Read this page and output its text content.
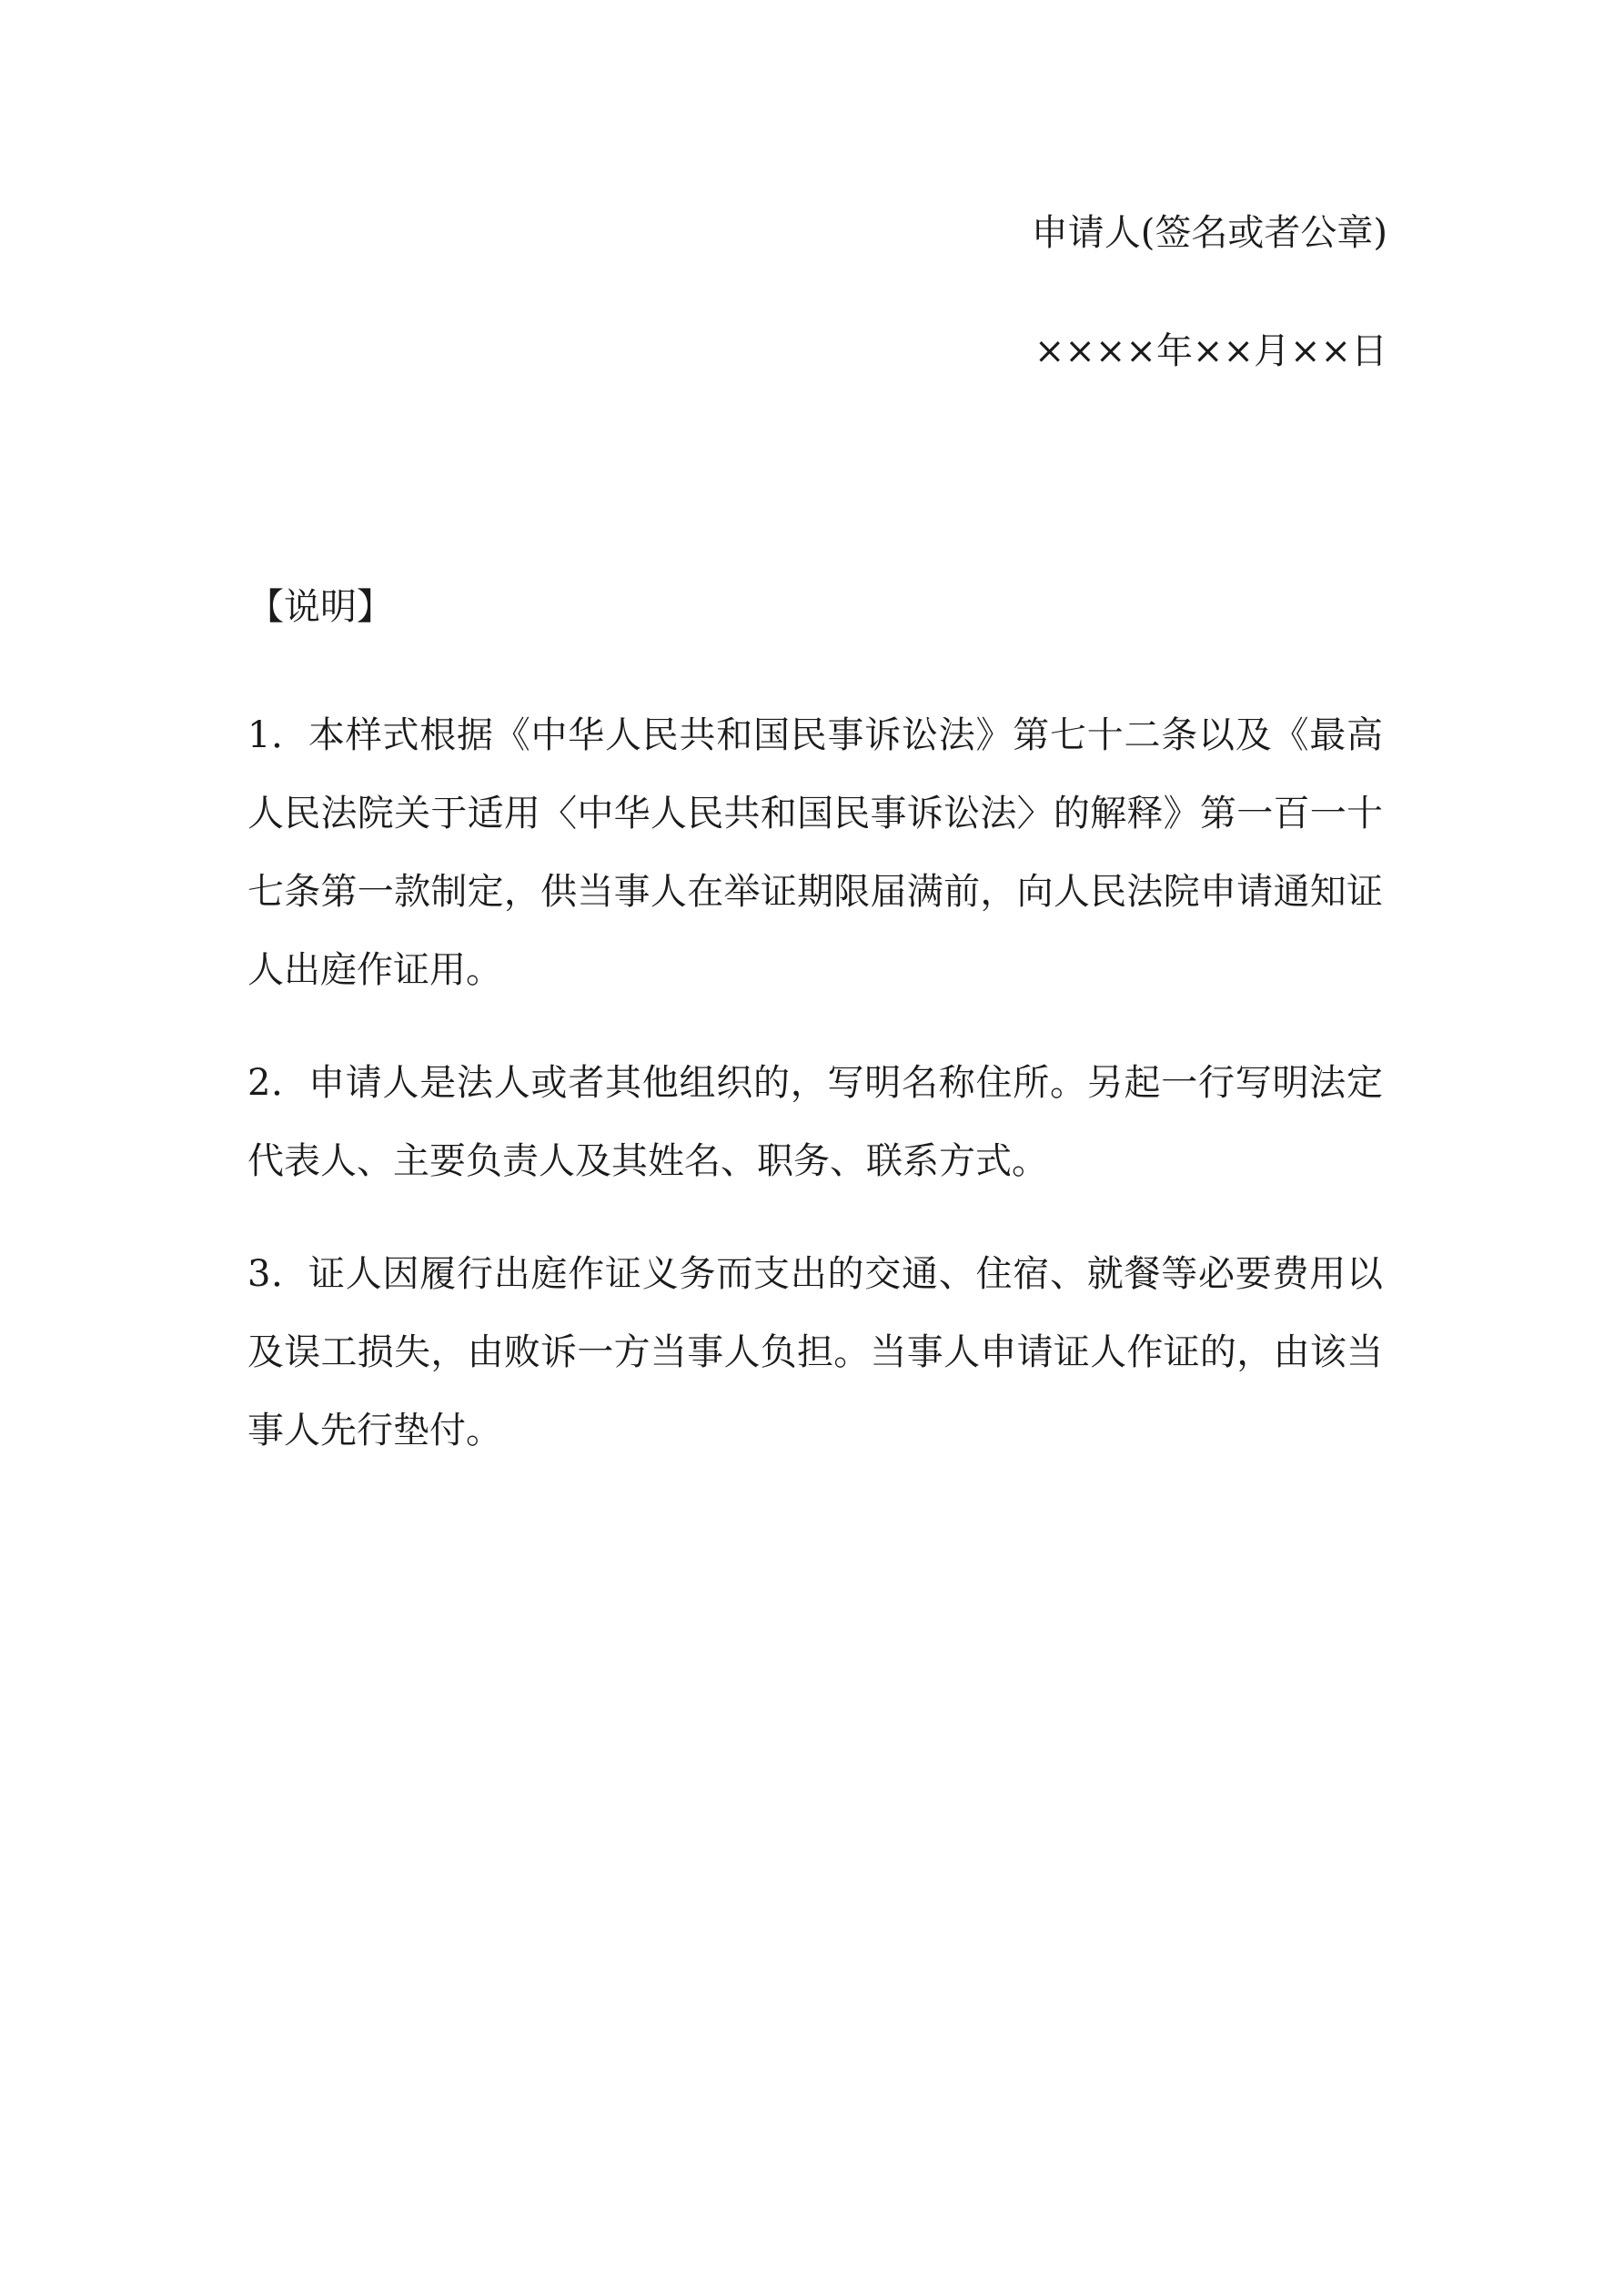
申请人(签名或者公章)

××××年××月××日

【说明】

1．本样式根据《中华人民共和国民事诉讼法》第七十二条以及《最高人民法院关于适用〈中华人民共和国民事诉讼法〉的解释》第一百一十七条第一款制定，供当事人在举证期限届满前，向人民法院申请通知证人出庭作证用。

2．申请人是法人或者其他组织的，写明名称住所。另起一行写明法定代表人、主要负责人及其姓名、职务、联系方式。

3．证人因履行出庭作证义务而支出的交通、住宿、就餐等必要费用以及误工损失，由败诉一方当事人负担。当事人申请证人作证的，由该当事人先行垫付。
